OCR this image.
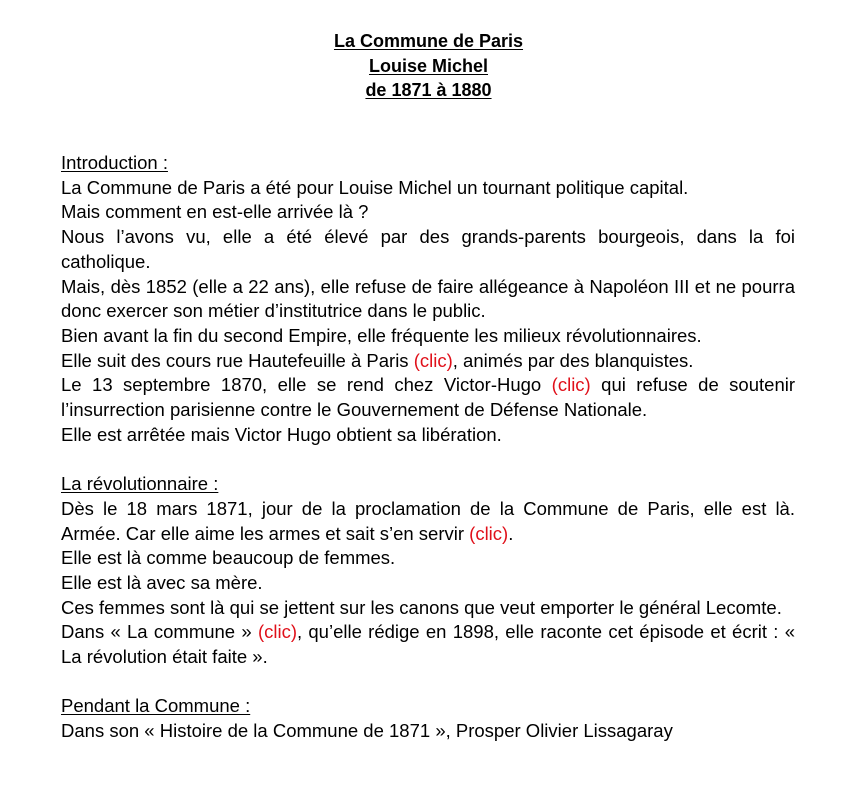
La Commune de Paris
Louise Michel
de 1871 à 1880
Introduction :
La Commune de Paris a été pour Louise Michel un tournant politique capital.
Mais comment en est-elle arrivée là ?
Nous l’avons vu, elle a été élevé par des grands-parents bourgeois, dans la foi catholique.
Mais, dès 1852 (elle a 22 ans), elle refuse de faire allégeance à Napoléon III et ne pourra donc exercer son métier d’institutrice dans le public.
Bien avant la fin du second Empire, elle fréquente les milieux révolutionnaires.
Elle suit des cours rue Hautefeuille à Paris (clic), animés par des blanquistes.
Le 13 septembre 1870, elle se rend chez Victor-Hugo (clic) qui refuse de soutenir l’insurrection parisienne contre le Gouvernement de Défense Nationale.
Elle est arrêtée mais Victor Hugo obtient sa libération.
La révolutionnaire :
Dès le 18 mars 1871, jour de la proclamation de la Commune de Paris, elle est là. Armée. Car elle aime les armes et sait s’en servir (clic).
Elle est là comme beaucoup de femmes.
Elle est là avec sa mère.
Ces femmes sont là qui se jettent sur les canons que veut emporter le général Lecomte.
Dans « La commune » (clic), qu’elle rédige en 1898, elle raconte cet épisode et écrit : « La révolution était faite ».
Pendant la Commune :
Dans son « Histoire de la Commune de 1871 », Prosper Olivier Lissagaray
